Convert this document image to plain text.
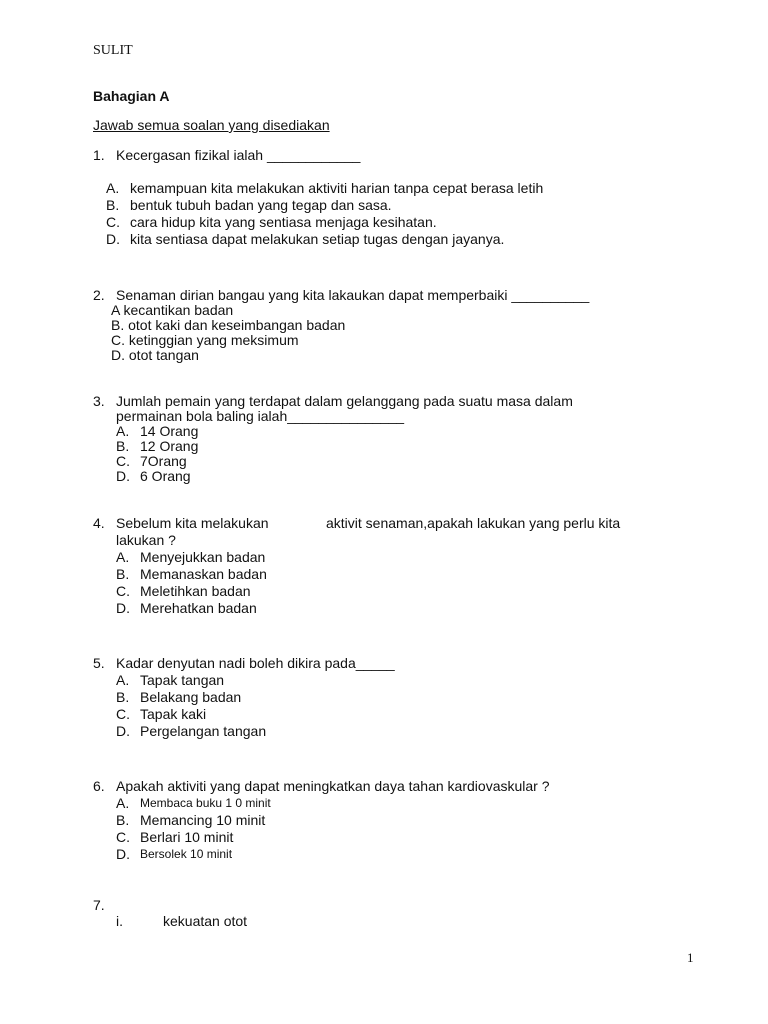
SULIT
Bahagian A
Jawab semua soalan yang disediakan
1. Kecergasan fizikal ialah ____________
A. kemampuan kita melakukan aktiviti harian tanpa cepat berasa letih
B. bentuk tubuh badan yang tegap dan sasa.
C. cara hidup kita yang sentiasa menjaga kesihatan.
D. kita sentiasa dapat melakukan setiap tugas dengan jayanya.
2. Senaman dirian bangau yang kita lakaukan dapat memperbaiki __________
A kecantikan badan
B. otot kaki dan keseimbangan badan
C. ketinggian yang meksimum
D. otot tangan
3. Jumlah pemain yang terdapat dalam gelanggang pada suatu masa dalam
permainan bola baling ialah_______________
A. 14 Orang
B. 12 Orang
C. 7Orang
D. 6 Orang
4. Sebelum kita melakukan	aktivit senaman,apakah lakukan yang perlu kita
lakukan ?
A. Menyejukkan badan
B. Memanaskan badan
C. Meletihkan badan
D. Merehatkan badan
5. Kadar denyutan nadi boleh dikira pada_____
A. Tapak tangan
B. Belakang badan
C. Tapak kaki
D. Pergelangan tangan
6. Apakah aktiviti yang dapat meningkatkan daya tahan kardiovaskular ?
A. Membaca buku 1 0 minit
B. Memancing 10 minit
C. Berlari 10 minit
D. Bersolek 10 minit
7.
i.	kekuatan otot
1
